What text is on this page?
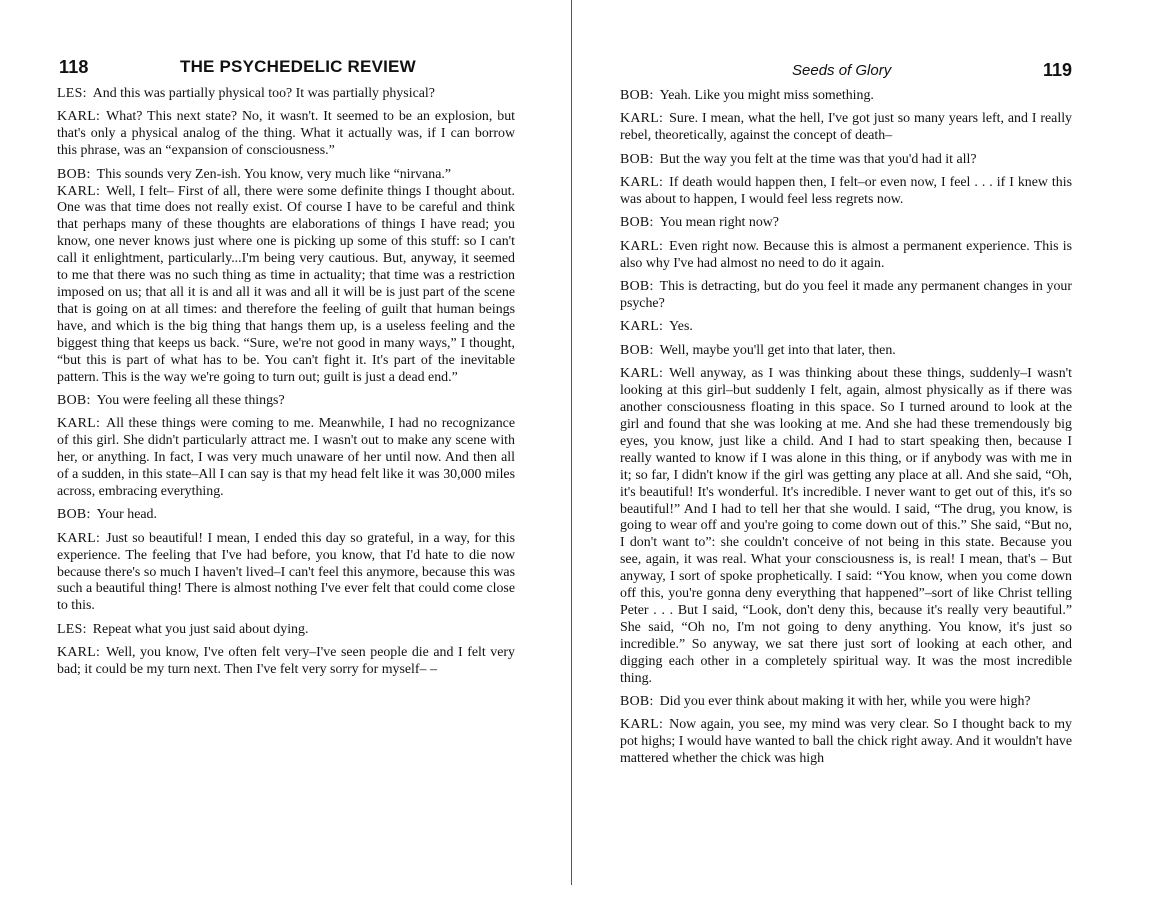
118	THE PSYCHEDELIC REVIEW

LES: And this was partially physical too? It was partially physical?

KARL: What? This next state? No, it wasn't. It seemed to be an explosion, but that's only a physical analog of the thing. What it actually was, if I can borrow this phrase, was an “expansion of consciousness.”

BOB: This sounds very Zen-ish. You know, very much like “nirvana.”

KARL: Well, I felt– First of all, there were some definite things I thought about. One was that time does not really exist. Of course I have to be careful and think that perhaps many of these thoughts are elaborations of things I have read; you know, one never knows just where one is picking up some of this stuff: so I can't call it enlightment, particularly...I'm being very cautious. But, anyway, it seemed to me that there was no such thing as time in actuality; that time was a restriction imposed on us; that all it is and all it was and all it will be is just part of the scene that is going on at all times: and therefore the feeling of guilt that human beings have, and which is the big thing that hangs them up, is a useless feeling and the biggest thing that keeps us back. “Sure, we're not good in many ways,” I thought, “but this is part of what has to be. You can't fight it. It's part of the inevitable pattern. This is the way we're going to turn out; guilt is just a dead end.”

BOB: You were feeling all these things?

KARL: All these things were coming to me. Meanwhile, I had no recognizance of this girl. She didn't particularly attract me. I wasn't out to make any scene with her, or anything. In fact, I was very much unaware of her until now. And then all of a sudden, in this state–All I can say is that my head felt like it was 30,000 miles across, embracing everything.

BOB: Your head.

KARL: Just so beautiful! I mean, I ended this day so grateful, in a way, for this experience. The feeling that I've had before, you know, that I'd hate to die now because there's so much I haven't lived–I can't feel this anymore, because this was such a beautiful thing! There is almost nothing I've ever felt that could come close to this.

LES: Repeat what you just said about dying.

KARL: Well, you know, I've often felt very–I've seen people die and I felt very bad; it could be my turn next. Then I've felt very sorry for myself– –

Seeds of Glory	119

BOB: Yeah. Like you might miss something.

KARL: Sure. I mean, what the hell, I've got just so many years left, and I really rebel, theoretically, against the concept of death–

BOB: But the way you felt at the time was that you'd had it all?

KARL: If death would happen then, I felt–or even now, I feel . . . if I knew this was about to happen, I would feel less regrets now.

BOB: You mean right now?

KARL: Even right now. Because this is almost a permanent experience. This is also why I've had almost no need to do it again.

BOB: This is detracting, but do you feel it made any permanent changes in your psyche?

KARL: Yes.

BOB: Well, maybe you'll get into that later, then.

KARL: Well anyway, as I was thinking about these things, suddenly–I wasn't looking at this girl–but suddenly I felt, again, almost physically as if there was another consciousness floating in this space. So I turned around to look at the girl and found that she was looking at me. And she had these tremendously big eyes, you know, just like a child. And I had to start speaking then, because I really wanted to know if I was alone in this thing, or if anybody was with me in it; so far, I didn't know if the girl was getting any place at all. And she said, “Oh, it's beautiful! It's wonderful. It's incredible. I never want to get out of this, it's so beautiful!” And I had to tell her that she would. I said, “The drug, you know, is going to wear off and you're going to come down out of this.” She said, “But no, I don't want to”: she couldn't conceive of not being in this state. Because you see, again, it was real. What your consciousness is, is real! I mean, that's – But anyway, I sort of spoke prophetically. I said: “You know, when you come down off this, you're gonna deny everything that happened”–sort of like Christ telling Peter . . . But I said, “Look, don't deny this, because it's really very beautiful.” She said, “Oh no, I'm not going to deny anything. You know, it's just so incredible.” So anyway, we sat there just sort of looking at each other, and digging each other in a completely spiritual way. It was the most incredible thing.

BOB: Did you ever think about making it with her, while you were high?

KARL: Now again, you see, my mind was very clear. So I thought back to my pot highs; I would have wanted to ball the chick right away. And it wouldn't have mattered whether the chick was high
